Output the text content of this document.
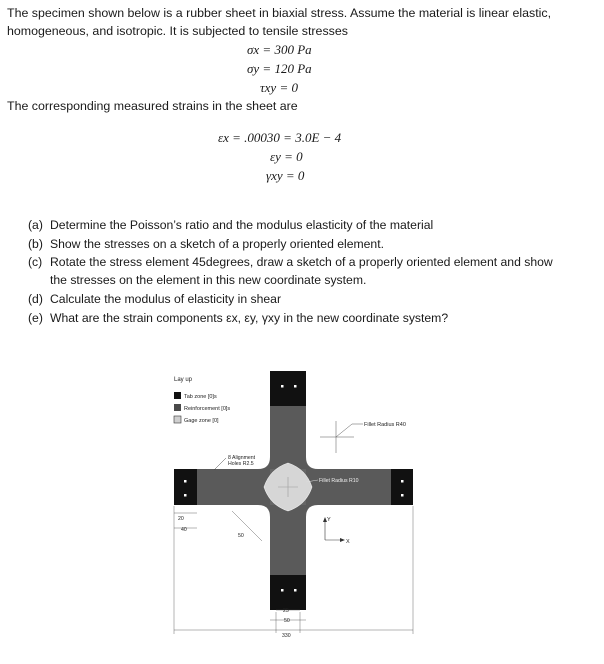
The specimen shown below is a rubber sheet in biaxial stress. Assume the material is linear elastic,
homogeneous, and isotropic. It is subjected to tensile stresses
σx = 300 Pa
σy = 120 Pa
τxy = 0
The corresponding measured strains in the sheet are
εx = .00030 = 3.0E − 4
εy = 0
γxy = 0
(a) Determine the Poisson’s ratio and the modulus elasticity of the material
(b) Show the stresses on a sketch of a properly oriented element.
(c) Rotate the stress element 45degrees, draw a sketch of a properly oriented element and show
the stresses on the element in this new coordinate system.
(d) Calculate the modulus of elasticity in shear
(e) What are the strain components εx, εy, γxy in the new coordinate system?
Lay up
Tab zone [0]s
Reinforcement [0]s
Gage zone [0]
Fillet Radius R40
Fillet Radius R10
8 Alignment
Holes R2.5
20
40
50
Y
X
25
50
330
